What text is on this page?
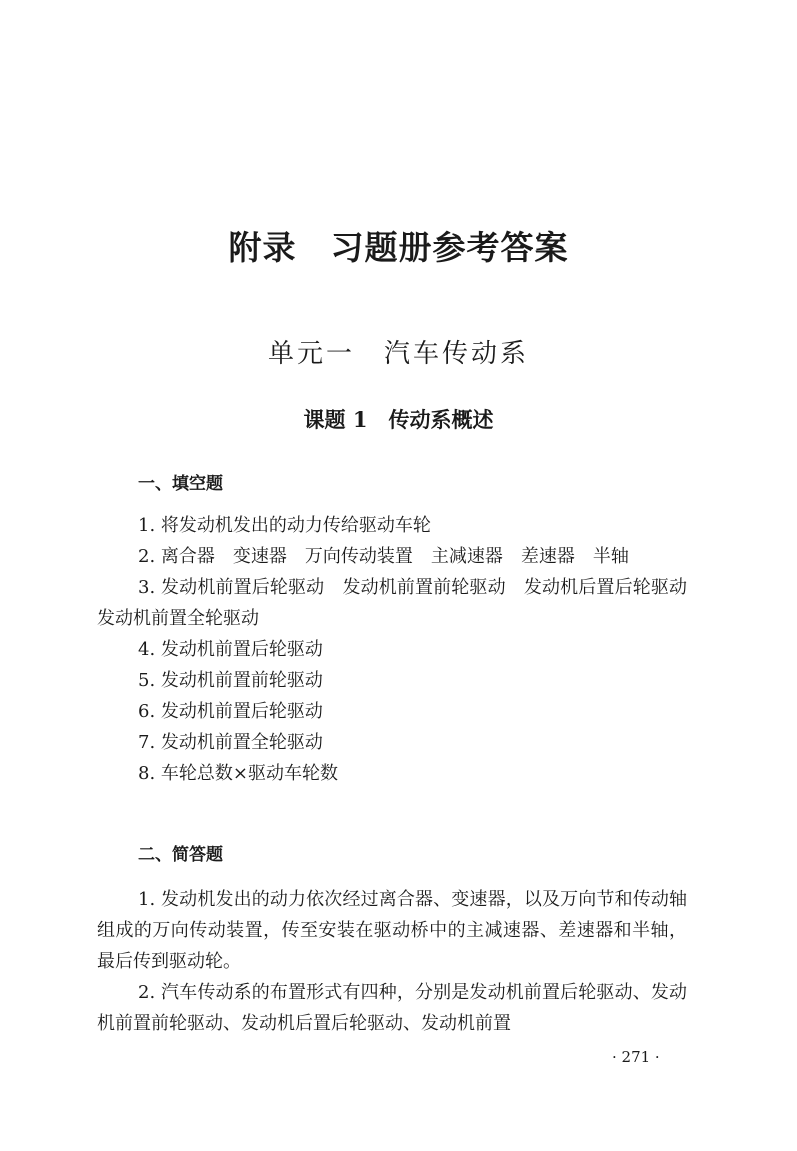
附录　习题册参考答案
单元一　汽车传动系
课题 1　传动系概述
一、填空题

1. 将发动机发出的动力传给驱动车轮

2. 离合器　变速器　万向传动装置　主减速器　差速器　半轴

3. 发动机前置后轮驱动　发动机前置前轮驱动　发动机后置后轮驱动　发动机前置全轮驱动

4. 发动机前置后轮驱动

5. 发动机前置前轮驱动

6. 发动机前置后轮驱动

7. 发动机前置全轮驱动

8. 车轮总数×驱动车轮数

二、简答题

1. 发动机发出的动力依次经过离合器、变速器，以及万向节和传动轴组成的万向传动装置，传至安装在驱动桥中的主减速器、差速器和半轴，最后传到驱动轮。

2. 汽车传动系的布置形式有四种，分别是发动机前置后轮驱动、发动机前置前轮驱动、发动机后置后轮驱动、发动机前置

· 271 ·
